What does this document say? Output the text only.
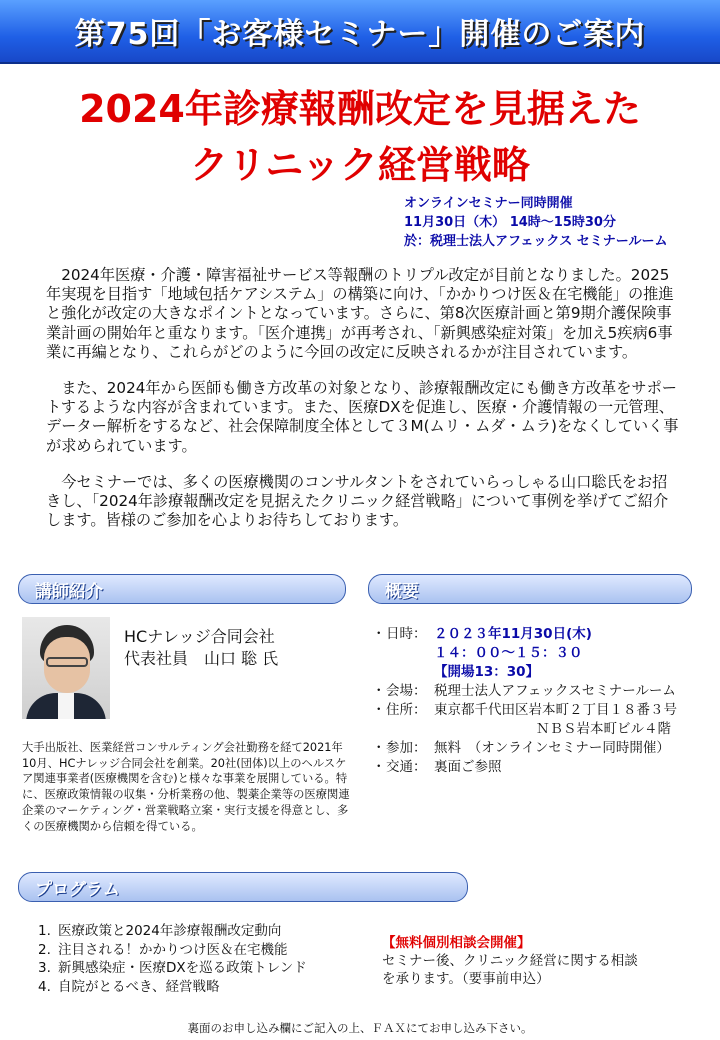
第75回「お客様セミナー」開催のご案内
2024年診療報酬改定を見据えた
クリニック経営戦略
オンラインセミナー同時開催
11月30日（木） 14時～15時30分
於：税理士法人アフェックス セミナールーム

2024年医療・介護・障害福祉サービス等報酬のトリプル改定が目前となりました。2025年実現を目指す「地域包括ケアシステム」の構築に向け、「かかりつけ医＆在宅機能」の推進と強化が改定の大きなポイントとなっています。さらに、第8次医療計画と第9期介護保険事業計画の開始年と重なります。「医介連携」が再考され、「新興感染症対策」を加え5疾病6事業に再編となり、これらがどのように今回の改定に反映されるかが注目されています。

また、2024年から医師も働き方改革の対象となり、診療報酬改定にも働き方改革をサポートするような内容が含まれています。また、医療DXを促進し、医療・介護情報の一元管理、データー解析をするなど、社会保障制度全体として３M(ムリ・ムダ・ムラ)をなくしていく事が求められています。

今セミナーでは、多くの医療機関のコンサルタントをされていらっしゃる山口聡氏をお招きし、「2024年診療報酬改定を見据えたクリニック経営戦略」について事例を挙げてご紹介します。皆様のご参加を心よりお待ちしております。

講師紹介	概要
HCナレッジ合同会社
代表社員　山口 聡 氏
大手出版社、医業経営コンサルティング会社勤務を経て2021年10月、HCナレッジ合同会社を創業。20社(団体)以上のヘルスケア関連事業者(医療機関を含む)と様々な事業を展開している。特に、医療政策情報の収集・分析業務の他、製薬企業等の医療関連企業のマーケティング・営業戦略立案・実行支援を得意とし、多くの医療機関から信頼を得ている。
・ 日時： ２０２３年11月30日(木)
１４：００～１５：３０
【開場13：30】
・ 会場： 税理士法人アフェックスセミナールーム
・ 住所： 東京都千代田区岩本町２丁目１８番３号
ＮＢＳ岩本町ビル４階
・ 参加： 無料　（オンラインセミナー同時開催）
・ 交通： 裏面ご参照
プログラム
1. 医療政策と2024年診療報酬改定動向
2. 注目される！かかりつけ医＆在宅機能
3. 新興感染症・医療DXを巡る政策トレンド
4. 自院がとるべき、経営戦略
【無料個別相談会開催】
セミナー後、クリニック経営に関する相談
を承ります。（要事前申込）
裏面のお申し込み欄にご記入の上、ＦＡＸにてお申し込み下さい。
